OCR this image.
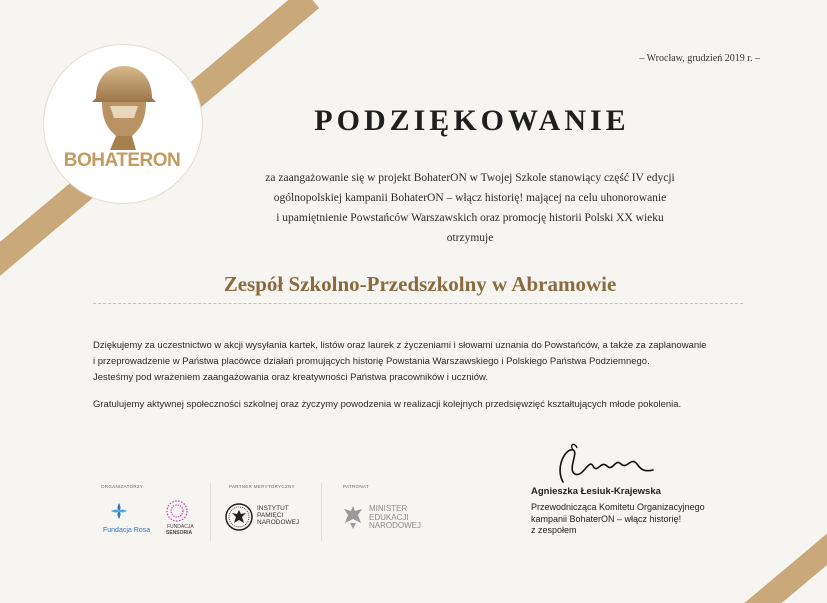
BOHATERON
– Wrocław, grudzień 2019 r. –
PODZIĘKOWANIE
za zaangażowanie się w projekt BohaterON w Twojej Szkole stanowiący część IV edycji
ogólnopolskiej kampanii BohaterON – włącz historię! mającej na celu uhonorowanie
i upamiętnienie Powstańców Warszawskich oraz promocję historii Polski XX wieku
otrzymuje
Zespół Szkolno-Przedszkolny w Abramowie

Dziękujemy za uczestnictwo w akcji wysyłania kartek, listów oraz laurek z życzeniami i słowami uznania do Powstańców, a także za zaplanowanie

i przeprowadzenie w Państwa placówce działań promujących historię Powstania Warszawskiego i Polskiego Państwa Podziemnego.

Jesteśmy pod wrażeniem zaangażowania oraz kreatywności Państwa pracowników i uczniów.

Gratulujemy aktywnej społeczności szkolnej oraz życzymy powodzenia w realizacji kolejnych przedsięwzięć kształtujących młode pokolenia.

ORGANIZATORZY
Fundacja Rosa	FUNDACJA
SENSORIA
PARTNER MERYTORYCZNY
INSTYTUT
PAMIĘCI
NARODOWEJ
PATRONAT
MINISTER
EDUKACJI
NARODOWEJ
Agnieszka Łesiuk-Krajewska
Przewodnicząca Komitetu Organizacyjnego
kampanii BohaterON – włącz historię!
z zespołem
